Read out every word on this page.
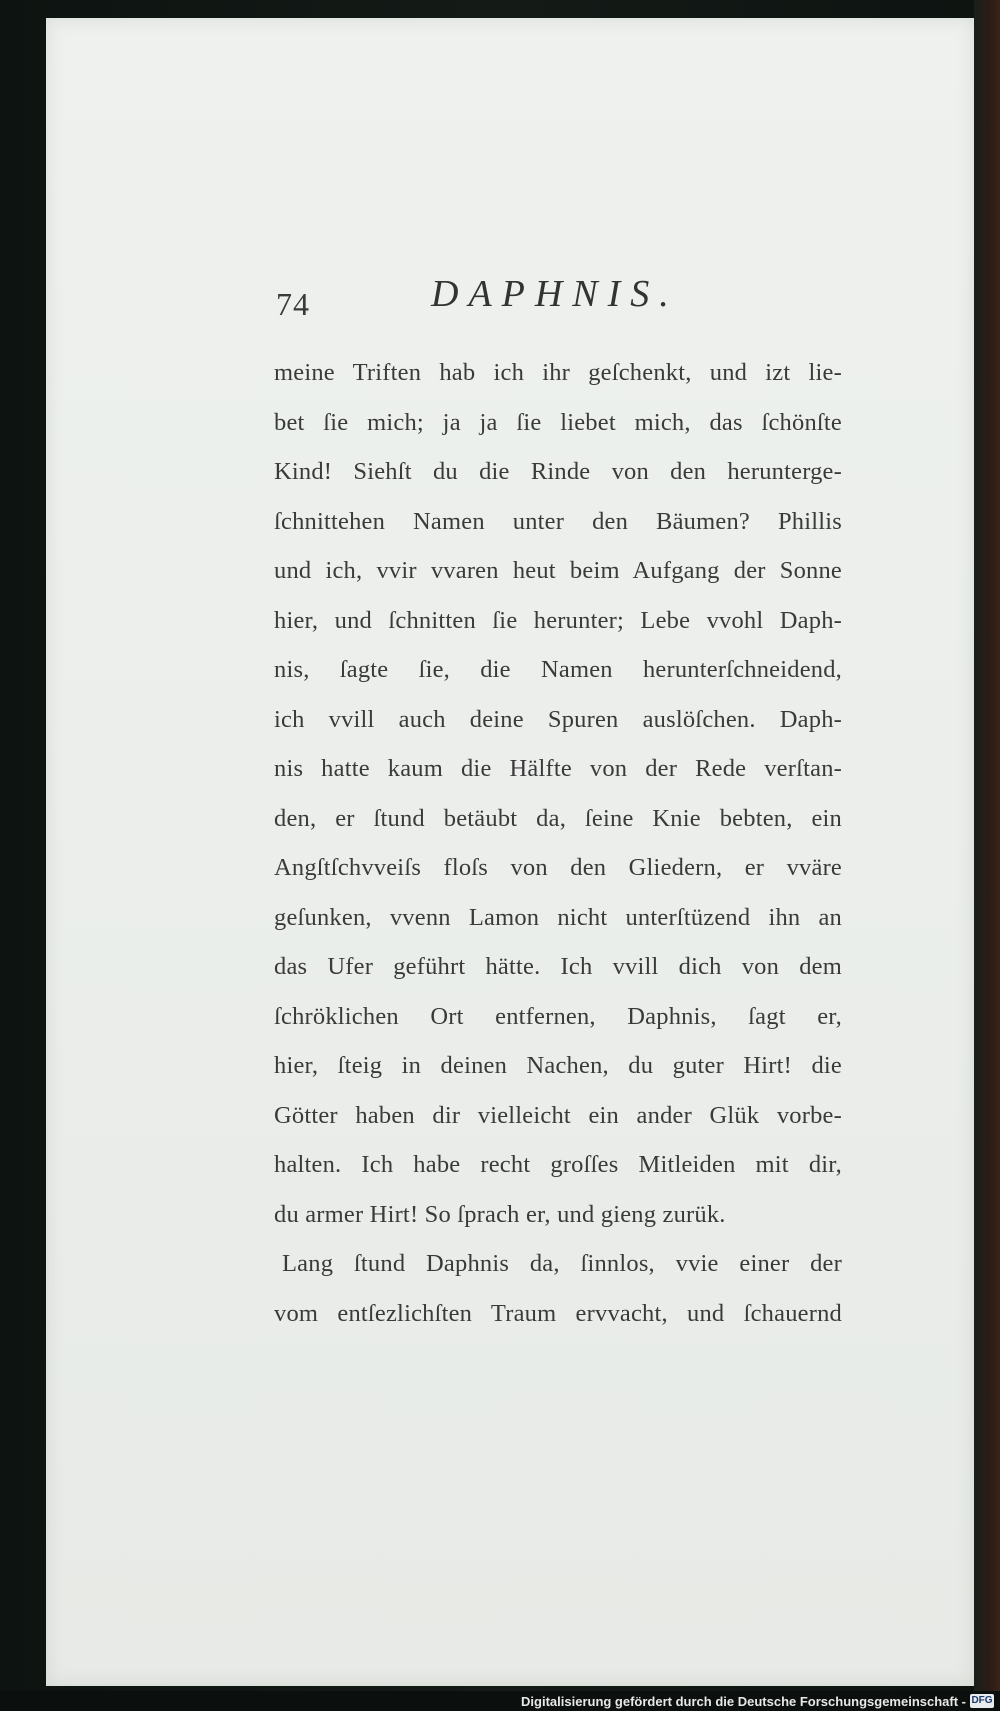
74	DAPHNIS.
meine Triften hab ich ihr geſchenkt, und izt lie-
bet ſie mich; ja ja ſie liebet mich, das ſchönſte
Kind! Siehſt du die Rinde von den herunterge-
ſchnittehen Namen unter den Bäumen? Phillis
und ich, vvir vvaren heut beim Aufgang der Sonne
hier, und ſchnitten ſie herunter; Lebe vvohl Daph-
nis, ſagte ſie, die Namen herunterſchneidend,
ich vvill auch deine Spuren auslöſchen. Daph-
nis hatte kaum die Hälfte von der Rede verſtan-
den, er ſtund betäubt da, ſeine Knie bebten, ein
Angſtſchvveiſs floſs von den Gliedern, er vväre
geſunken, vvenn Lamon nicht unterſtüzend ihn an
das Ufer geführt hätte. Ich vvill dich von dem
ſchröklichen Ort entfernen, Daphnis, ſagt er,
hier, ſteig in deinen Nachen, du guter Hirt! die
Götter haben dir vielleicht ein ander Glük vorbe-
halten. Ich habe recht groſſes Mitleiden mit dir,
du armer Hirt! So ſprach er, und gieng zurük.
Lang ſtund Daphnis da, ſinnlos, vvie einer der
vom entſezlichſten Traum ervvacht, und ſchauernd
Digitalisierung gefördert durch die Deutsche Forschungsgemeinschaft - DFG
